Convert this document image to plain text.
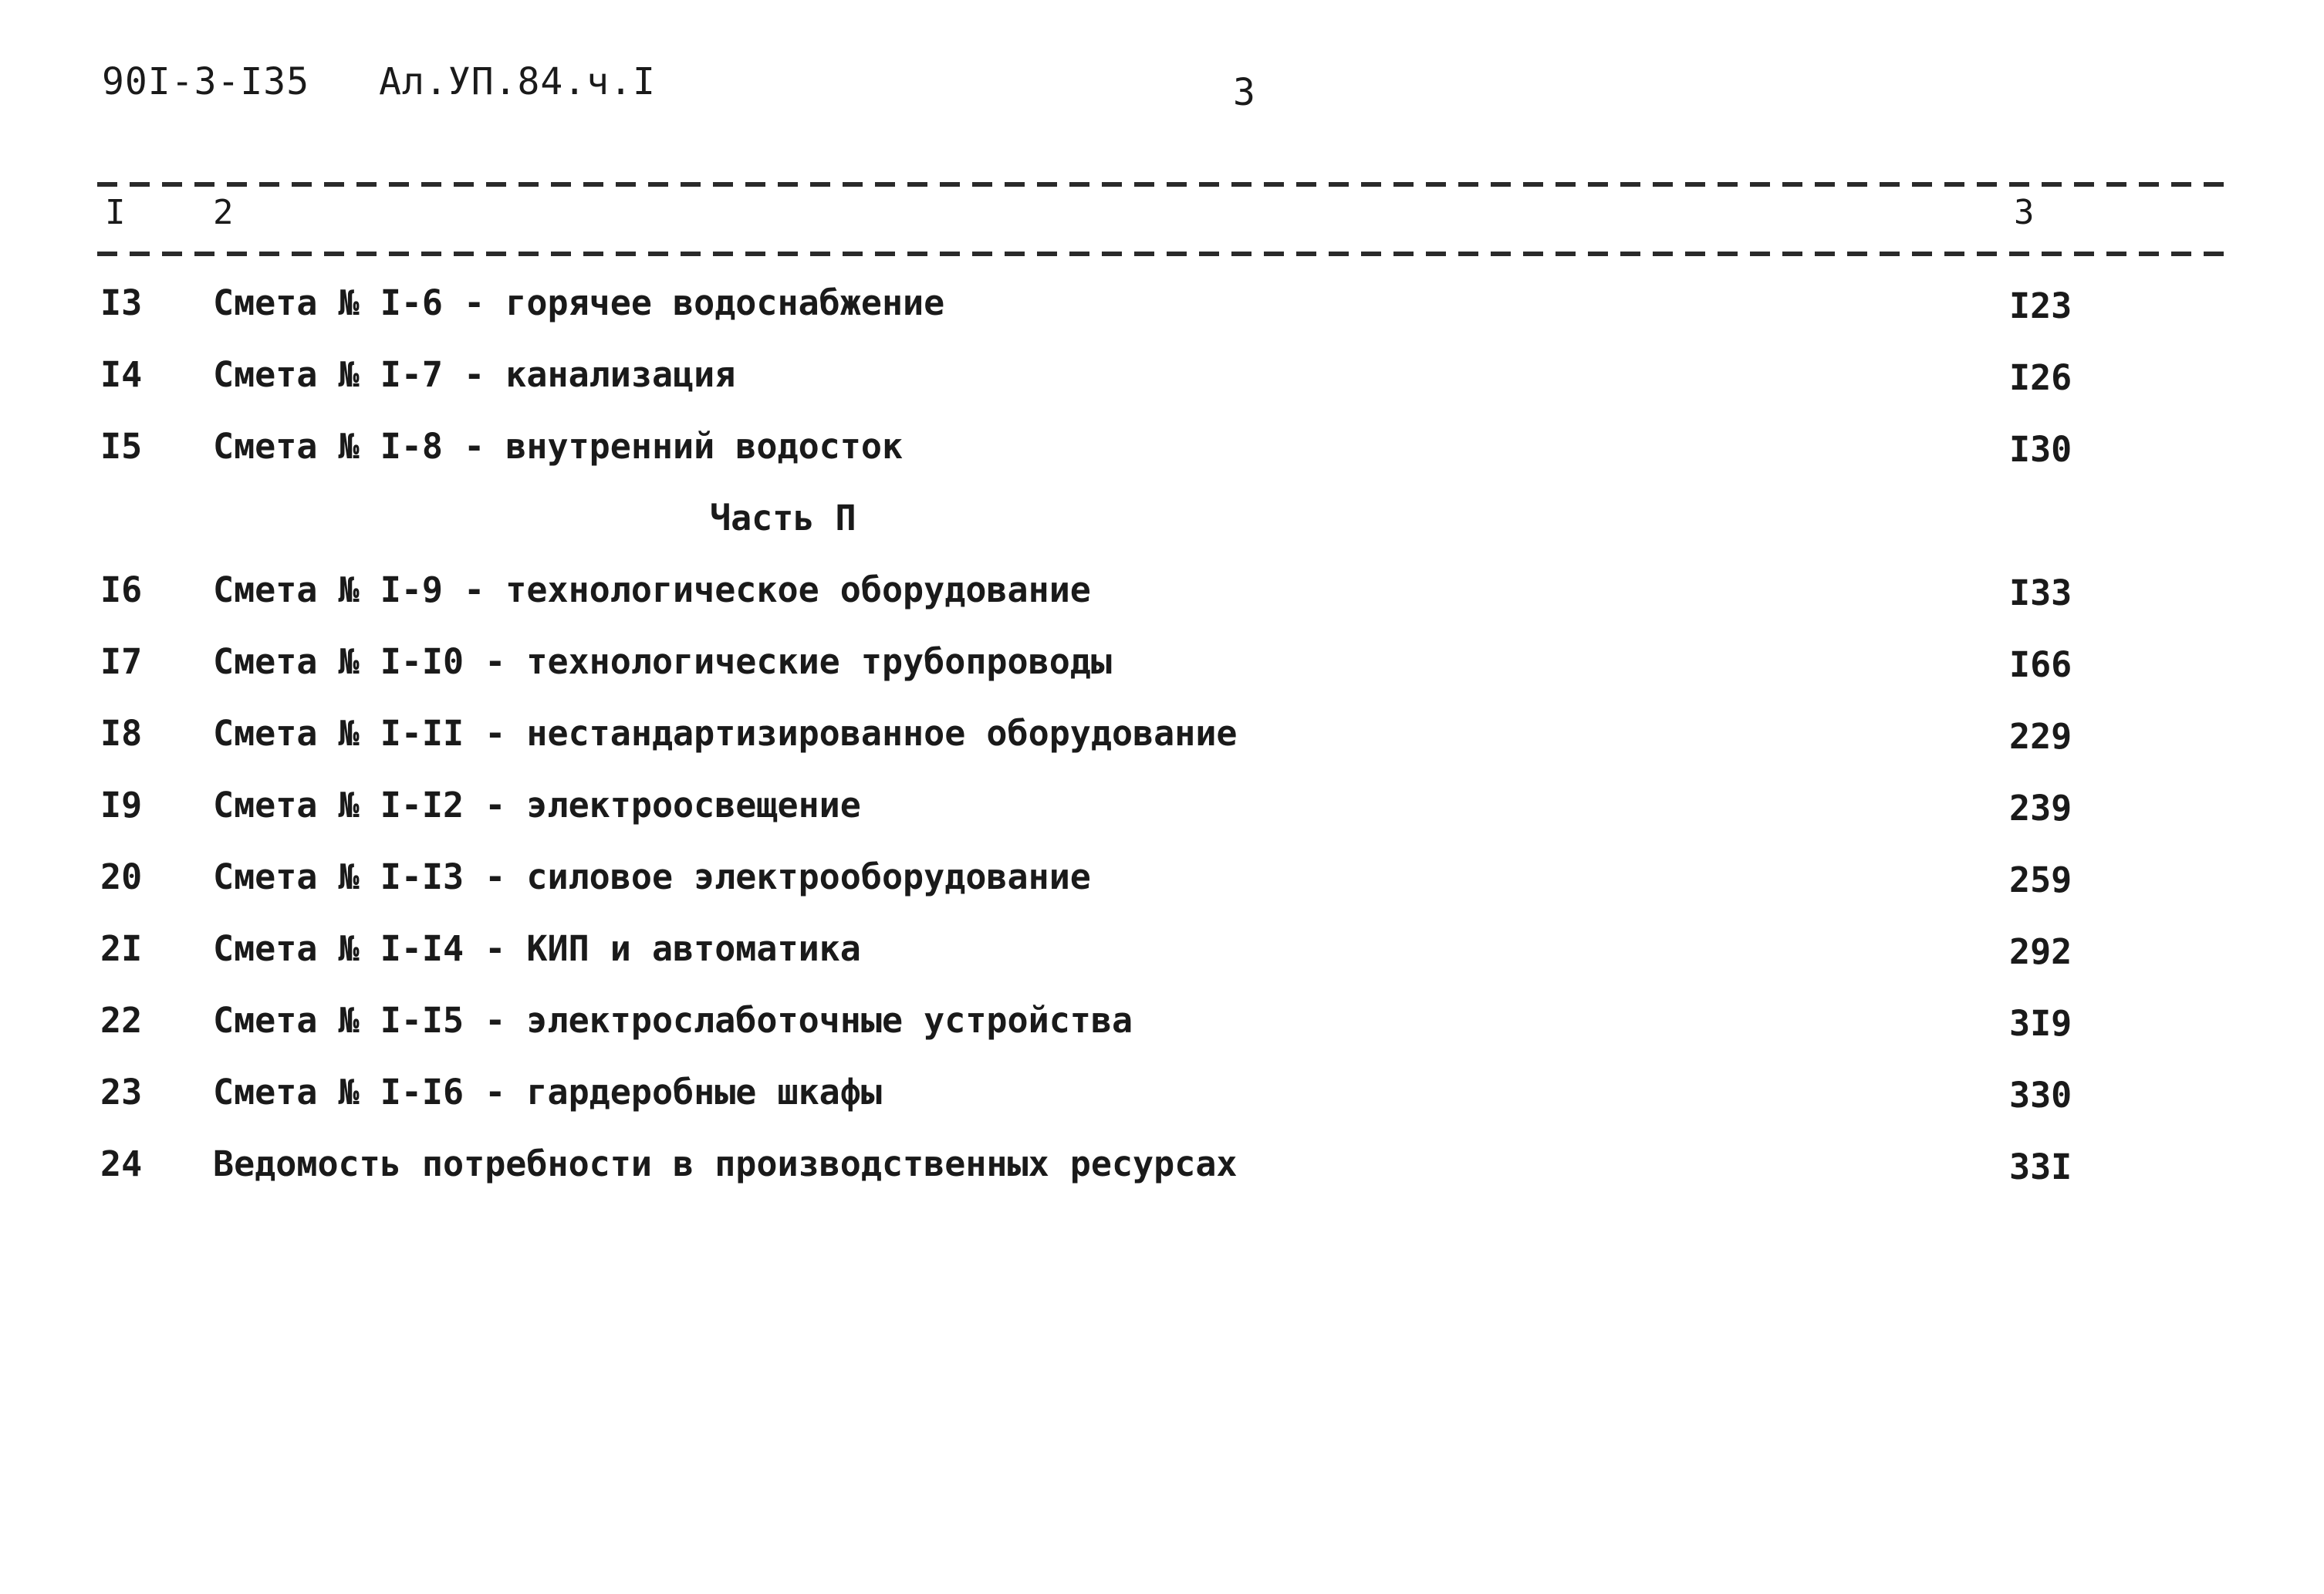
90I-3-I35 Ал.УП.84.ч.I	3
I	2	3
I3 Смета № I-6 - горячее водоснабжение	I23
I4 Смета № I-7 - канализация	I26
I5 Смета № I-8 - внутренний водосток	I30
Часть П
I6 Смета № I-9 - технологическое оборудование	I33
I7 Смета № I-I0 - технологические трубопроводы	I66
I8 Смета № I-II - нестандартизированное оборудование	229
I9 Смета № I-I2 - электроосвещение	239
20 Смета № I-I3 - силовое электрооборудование	259
2I Смета № I-I4 - КИП и автоматика	292
22 Смета № I-I5 - электрослаботочные устройства	3I9
23 Смета № I-I6 - гардеробные шкафы	330
24 Ведомость потребности в производственных ресурсах	33I
